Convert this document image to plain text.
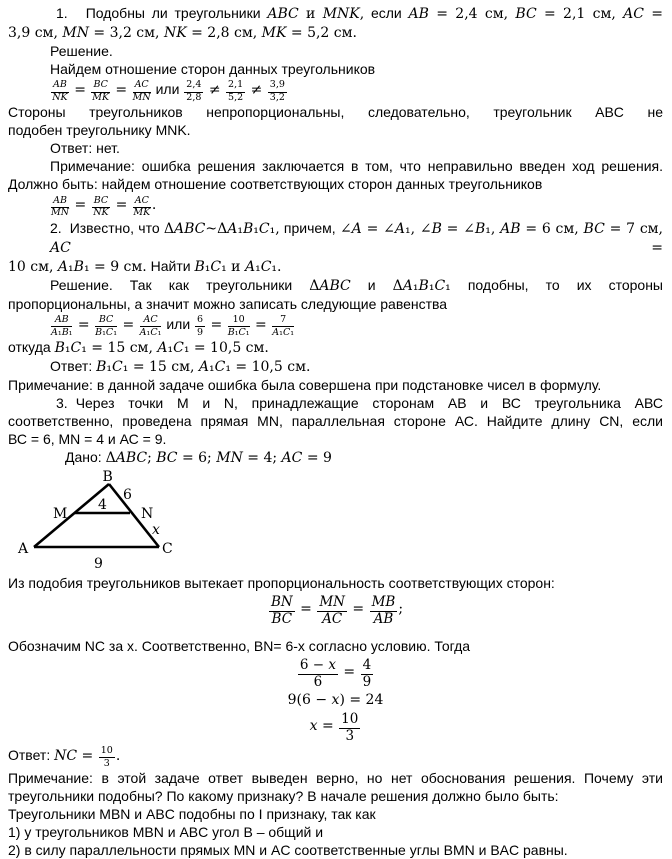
1. Подобны ли треугольники ABC и MNK, если AB = 2,4 см, BC = 2,1 см, AC =
3,9 см, MN = 3,2 см, NK = 2,8 см, MK = 5,2 см.
Решение.
Найдем отношение сторон данных треугольников
$\frac{AB}{NK} = \frac{BC}{MK} = \frac{AC}{MN}$ или $\frac{2,4}{2,8} \ne \frac{2,1}{5,2} \ne \frac{3,9}{3,2}$
Стороны треугольников непропорциональны, следовательно, треугольник ABC не
подобен треугольнику MNK.
Ответ: нет.
Примечание: ошибка решения заключается в том, что неправильно введен ход решения.
Должно быть: найдем отношение соответствующих сторон данных треугольников
$\frac{AB}{MN} = \frac{BC}{NK} = \frac{AC}{MK}$ .
2. Известно, что ΔABC~ΔA₁B₁C₁, причем, ∠A = ∠A₁, ∠B = ∠B₁, AB = 6 см, BC = 7 см, AC =
10 см, A₁B₁ = 9 см. Найти B₁C₁ и A₁C₁.
Решение. Так как треугольники ΔABC и ΔA₁B₁C₁ подобны, то их стороны
пропорциональны, а значит можно записать следующие равенства
$\frac{AB}{\text{A₁B₁}} = \frac{BC}{\text{B₁C₁}} = \frac{AC}{\text{A₁C₁}}$ или $\frac{6}{9} = \frac{10}{\text{B₁C₁}} = \frac{7}{\text{A₁C₁}}$
откуда B₁C₁ = 15 см, A₁C₁ = 10,5 см.
Ответ: B₁C₁ = 15 см, A₁C₁ = 10,5 см.
Примечание: в данной задаче ошибка была совершена при подстановке чисел в формулу.
3. Через точки М и N, принадлежащие сторонам АВ и ВС треугольника АВС
соответственно, проведена прямая MN, параллельная стороне АС. Найдите длину CN, если
ВС = 6, MN = 4 и АС = 9.
Дано: ΔABC; BC = 6; MN = 4; AC = 9
B
A	C
M	N
4
6
x
9
Из подобия треугольников вытекает пропорциональность соответствующих сторон:
$\frac{BN}{BC} = \frac{MN}{AC} = \frac{MB}{AB}$ ;
Обозначим NC за x. Соответственно, BN= 6-x согласно условию. Тогда
$\frac{6 - x}{6} = \frac{4}{9}$
9(6 − x) = 24
$x = \frac{10}{3}$
Ответ: NC = $\frac{10}{3}$ .
Примечание: в этой задаче ответ выведен верно, но нет обоснования решения. Почему эти
треугольники подобны? По какому признаку? В начале решения должно было быть:
Треугольники MBN и ABC подобны по I признаку, так как
1) у треугольников MBN и ABC угол B – общий и
2) в силу параллельности прямых MN и AC соответственные углы BMN и BAC равны.
